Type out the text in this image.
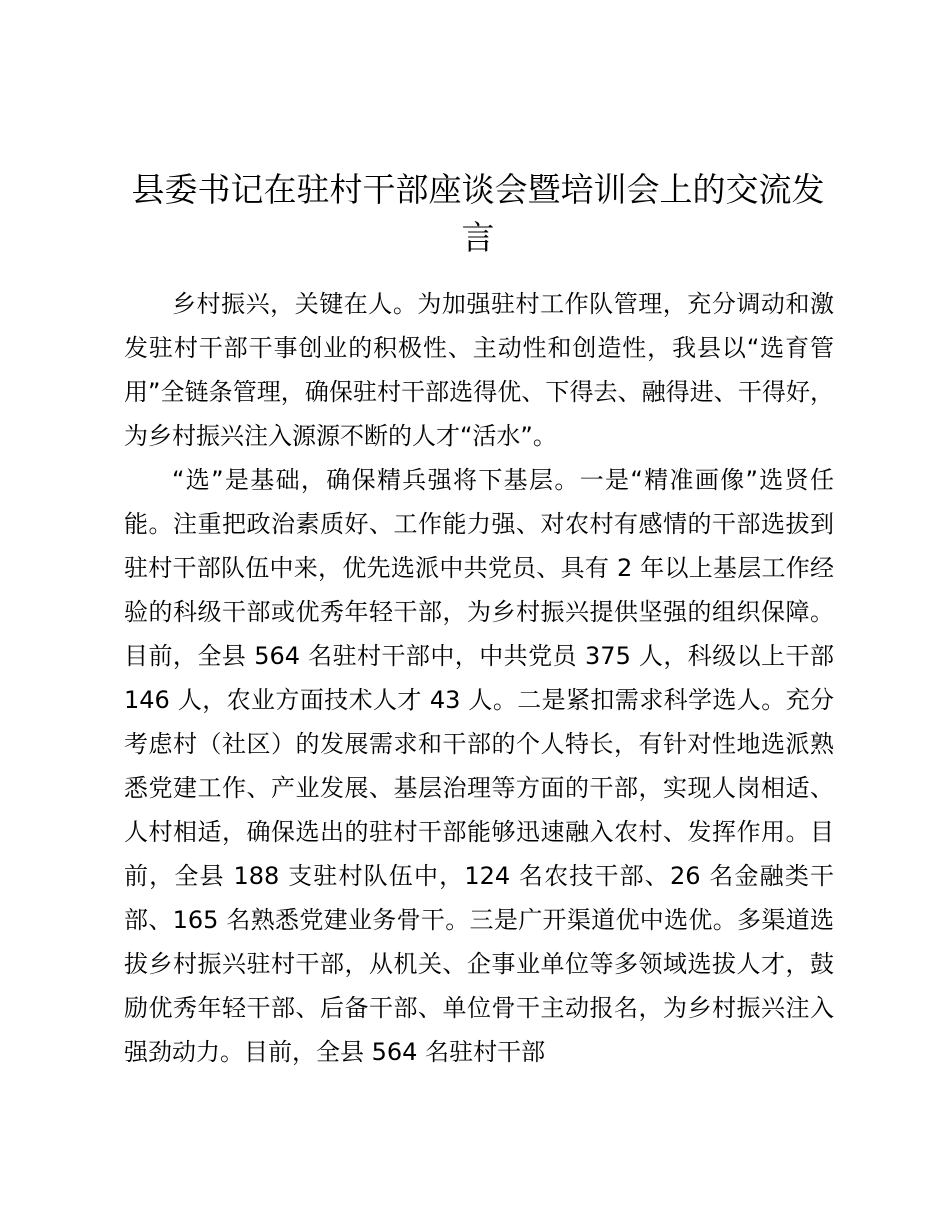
县委书记在驻村干部座谈会暨培训会上的交流发言

乡村振兴，关键在人。为加强驻村工作队管理，充分调动和激发驻村干部干事创业的积极性、主动性和创造性，我县以“选育管用”全链条管理，确保驻村干部选得优、下得去、融得进、干得好，为乡村振兴注入源源不断的人才“活水”。

“选”是基础，确保精兵强将下基层。一是“精准画像”选贤任能。注重把政治素质好、工作能力强、对农村有感情的干部选拔到驻村干部队伍中来，优先选派中共党员、具有 2 年以上基层工作经验的科级干部或优秀年轻干部，为乡村振兴提供坚强的组织保障。目前，全县 564 名驻村干部中，中共党员 375 人，科级以上干部 146 人，农业方面技术人才 43 人。二是紧扣需求科学选人。充分考虑村（社区）的发展需求和干部的个人特长，有针对性地选派熟悉党建工作、产业发展、基层治理等方面的干部，实现人岗相适、人村相适，确保选出的驻村干部能够迅速融入农村、发挥作用。目前，全县 188 支驻村队伍中，124 名农技干部、26 名金融类干部、165 名熟悉党建业务骨干。三是广开渠道优中选优。多渠道选拔乡村振兴驻村干部，从机关、企事业单位等多领域选拔人才，鼓励优秀年轻干部、后备干部、单位骨干主动报名，为乡村振兴注入强劲动力。目前，全县 564 名驻村干部
